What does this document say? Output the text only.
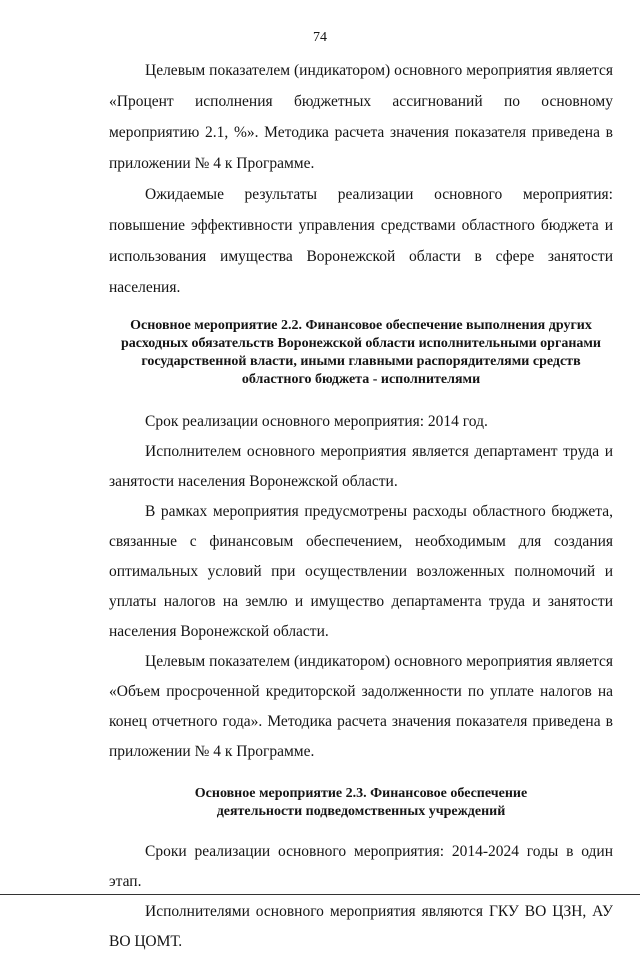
74

Целевым показателем (индикатором) основного мероприятия является «Процент исполнения бюджетных ассигнований по основному мероприятию 2.1, %». Методика расчета значения показателя приведена в приложении № 4 к Программе.

Ожидаемые результаты реализации основного мероприятия: повышение эффективности управления средствами областного бюджета и использования имущества Воронежской области в сфере занятости населения.

Основное мероприятие 2.2. Финансовое обеспечение выполнения других расходных обязательств Воронежской области исполнительными органами государственной власти, иными главными распорядителями средств областного бюджета - исполнителями

Срок реализации основного мероприятия: 2014 год.

Исполнителем основного мероприятия является департамент труда и занятости населения Воронежской области.

В рамках мероприятия предусмотрены расходы областного бюджета, связанные с финансовым обеспечением, необходимым для создания оптимальных условий при осуществлении возложенных полномочий и уплаты налогов на землю и имущество департамента труда и занятости населения Воронежской области.

Целевым показателем (индикатором) основного мероприятия является «Объем просроченной кредиторской задолженности по уплате налогов на конец отчетного года». Методика расчета значения показателя приведена в приложении № 4 к Программе.

Основное мероприятие 2.3. Финансовое обеспечение деятельности подведомственных учреждений

Сроки реализации основного мероприятия: 2014-2024 годы в один этап.

Исполнителями основного мероприятия являются ГКУ ВО ЦЗН, АУ ВО ЦОМТ.
